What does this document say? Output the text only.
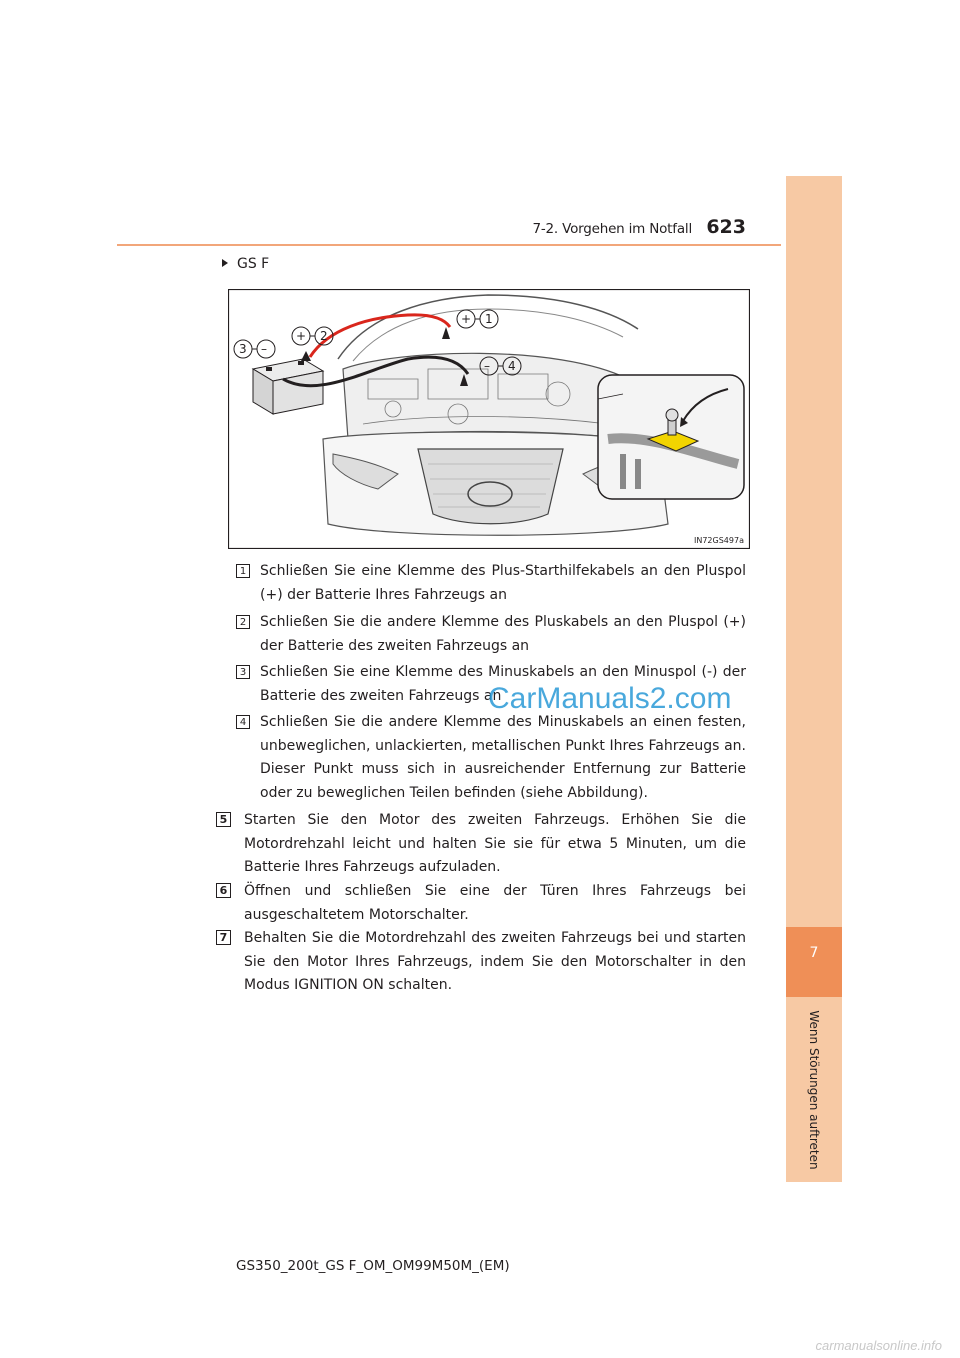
7-2. Vorgehen im Notfall 623
7
Wenn Störungen auftreten
GS F
+ 1
+ 2
3 –
– 4
IN72GS497a
1 Schließen Sie eine Klemme des Plus-Starthilfekabels an den Pluspol (+) der Batterie Ihres Fahrzeugs an
2 Schließen Sie die andere Klemme des Pluskabels an den Pluspol (+) der Batterie des zweiten Fahrzeugs an
3 Schließen Sie eine Klemme des Minuskabels an den Minuspol (-) der Batterie des zweiten Fahrzeugs an
4 Schließen Sie die andere Klemme des Minuskabels an einen festen, unbeweglichen, unlackierten, metallischen Punkt Ihres Fahrzeugs an. Dieser Punkt muss sich in ausreichender Entfernung zur Batterie oder zu beweglichen Teilen befinden (siehe Abbildung).
5 Starten Sie den Motor des zweiten Fahrzeugs. Erhöhen Sie die Motordrehzahl leicht und halten Sie sie für etwa 5 Minuten, um die Batterie Ihres Fahrzeugs aufzuladen.
6 Öffnen und schließen Sie eine der Türen Ihres Fahrzeugs bei ausgeschaltetem Motorschalter.
7 Behalten Sie die Motordrehzahl des zweiten Fahrzeugs bei und starten Sie den Motor Ihres Fahrzeugs, indem Sie den Motorschalter in den Modus IGNITION ON schalten.
GS350_200t_GS F_OM_OM99M50M_(EM)
CarManuals2.com
carmanualsonline.info
